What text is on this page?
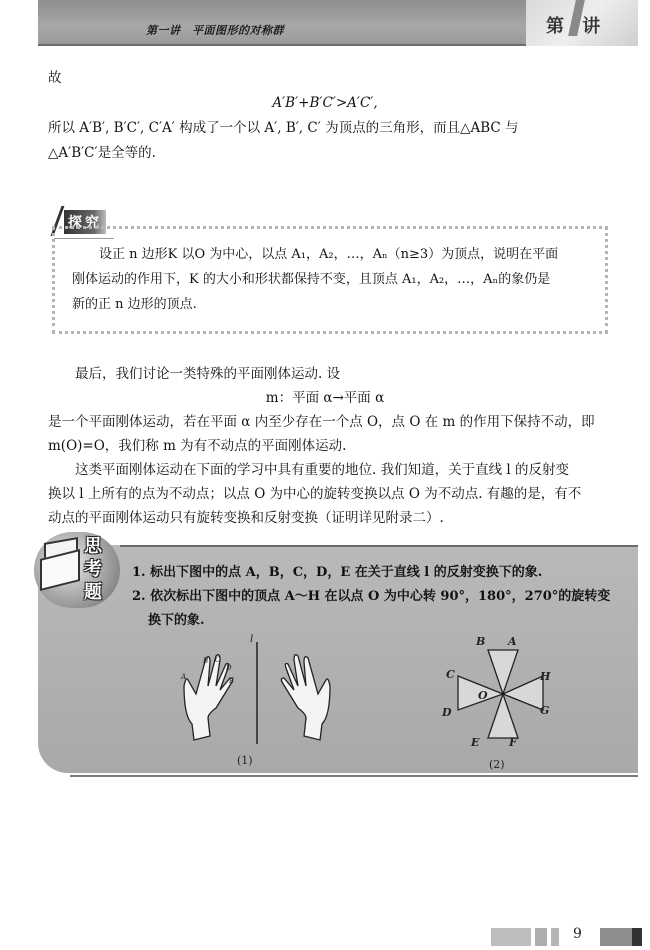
第一讲　平面图形的对称群	第 讲
故
A′B′+B′C′>A′C′,
所以 A′B′, B′C′, C′A′ 构成了一个以 A′, B′, C′ 为顶点的三角形，而且△ABC 与
△A′B′C′是全等的.
探究
设正 n 边形K 以O 为中心，以点 A₁，A₂，…，Aₙ（n≥3）为顶点，说明在平面
刚体运动的作用下，K 的大小和形状都保持不变，且顶点 A₁，A₂，…，Aₙ的象仍是
新的正 n 边形的顶点.
最后，我们讨论一类特殊的平面刚体运动. 设
m：平面 α→平面 α
是一个平面刚体运动，若在平面 α 内至少存在一个点 O，点 O 在 m 的作用下保持不动，即
m(O)=O，我们称 m 为有不动点的平面刚体运动.
这类平面刚体运动在下面的学习中具有重要的地位. 我们知道，关于直线 l 的反射变
换以 l 上所有的点为不动点；以点 O 为中心的旋转变换以点 O 为不动点. 有趣的是，有不
动点的平面刚体运动只有旋转变换和反射变换（证明详见附录二）.
思
考
题
1. 标出下图中的点 A，B，C，D，E 在关于直线 l 的反射变换下的象.
2. 依次标出下图中的顶点 A～H 在以点 O 为中心转 90°，180°，270°的旋转变
换下的象.
l
A
B C
D
E
(1)
A
B
C
D
E	F
G
H
O
(2)
9
